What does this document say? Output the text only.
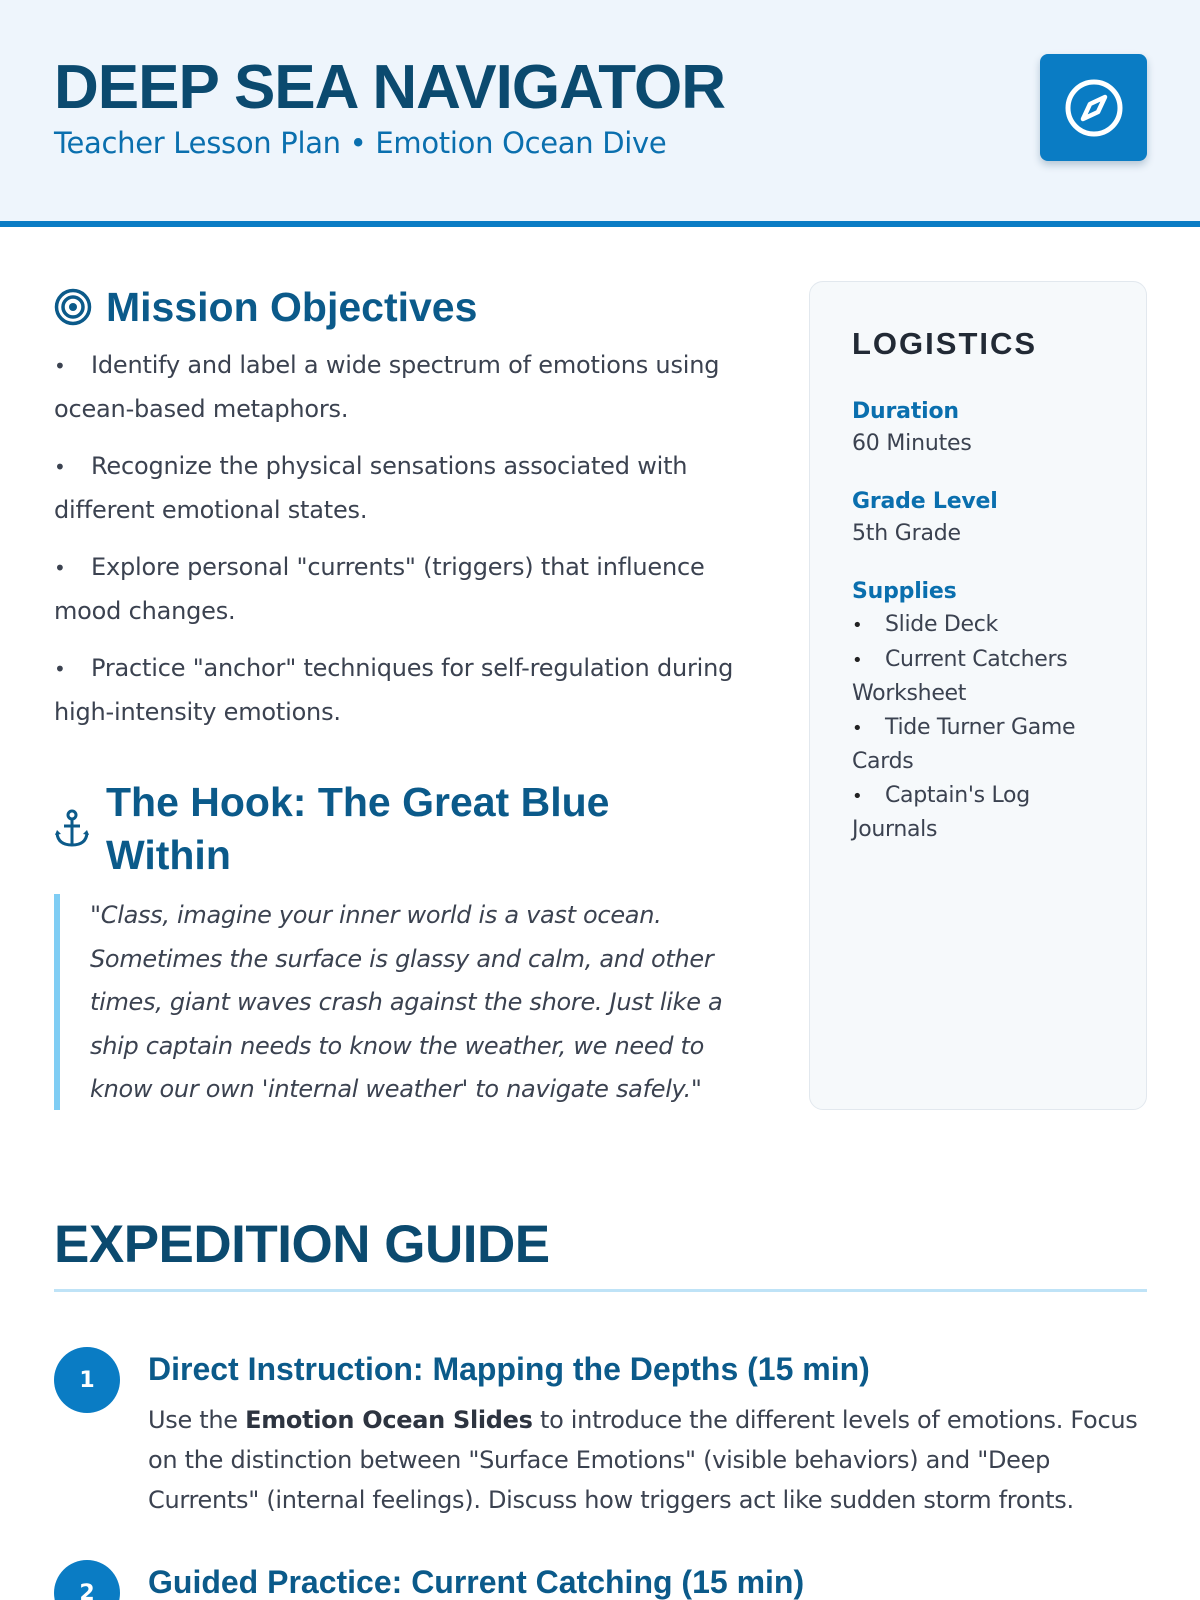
DEEP SEA NAVIGATOR
Teacher Lesson Plan • Emotion Ocean Dive
Mission Objectives
• Identify and label a wide spectrum of emotions using ocean-based metaphors.
• Recognize the physical sensations associated with different emotional states.
• Explore personal "currents" (triggers) that influence mood changes.
• Practice "anchor" techniques for self-regulation during high-intensity emotions.
The Hook: The Great Blue Within
"Class, imagine your inner world is a vast ocean. Sometimes the surface is glassy and calm, and other times, giant waves crash against the shore. Just like a ship captain needs to know the weather, we need to know our own 'internal weather' to navigate safely."
LOGISTICS
Duration
60 Minutes
Grade Level
5th Grade
Supplies
• Slide Deck
• Current Catchers Worksheet
• Tide Turner Game Cards
• Captain's Log Journals
EXPEDITION GUIDE
1	Direct Instruction: Mapping the Depths (15 min)
Use the Emotion Ocean Slides to introduce the different levels of emotions. Focus on the distinction between "Surface Emotions" (visible behaviors) and "Deep Currents" (internal feelings). Discuss how triggers act like sudden storm fronts.
2	Guided Practice: Current Catching (15 min)
